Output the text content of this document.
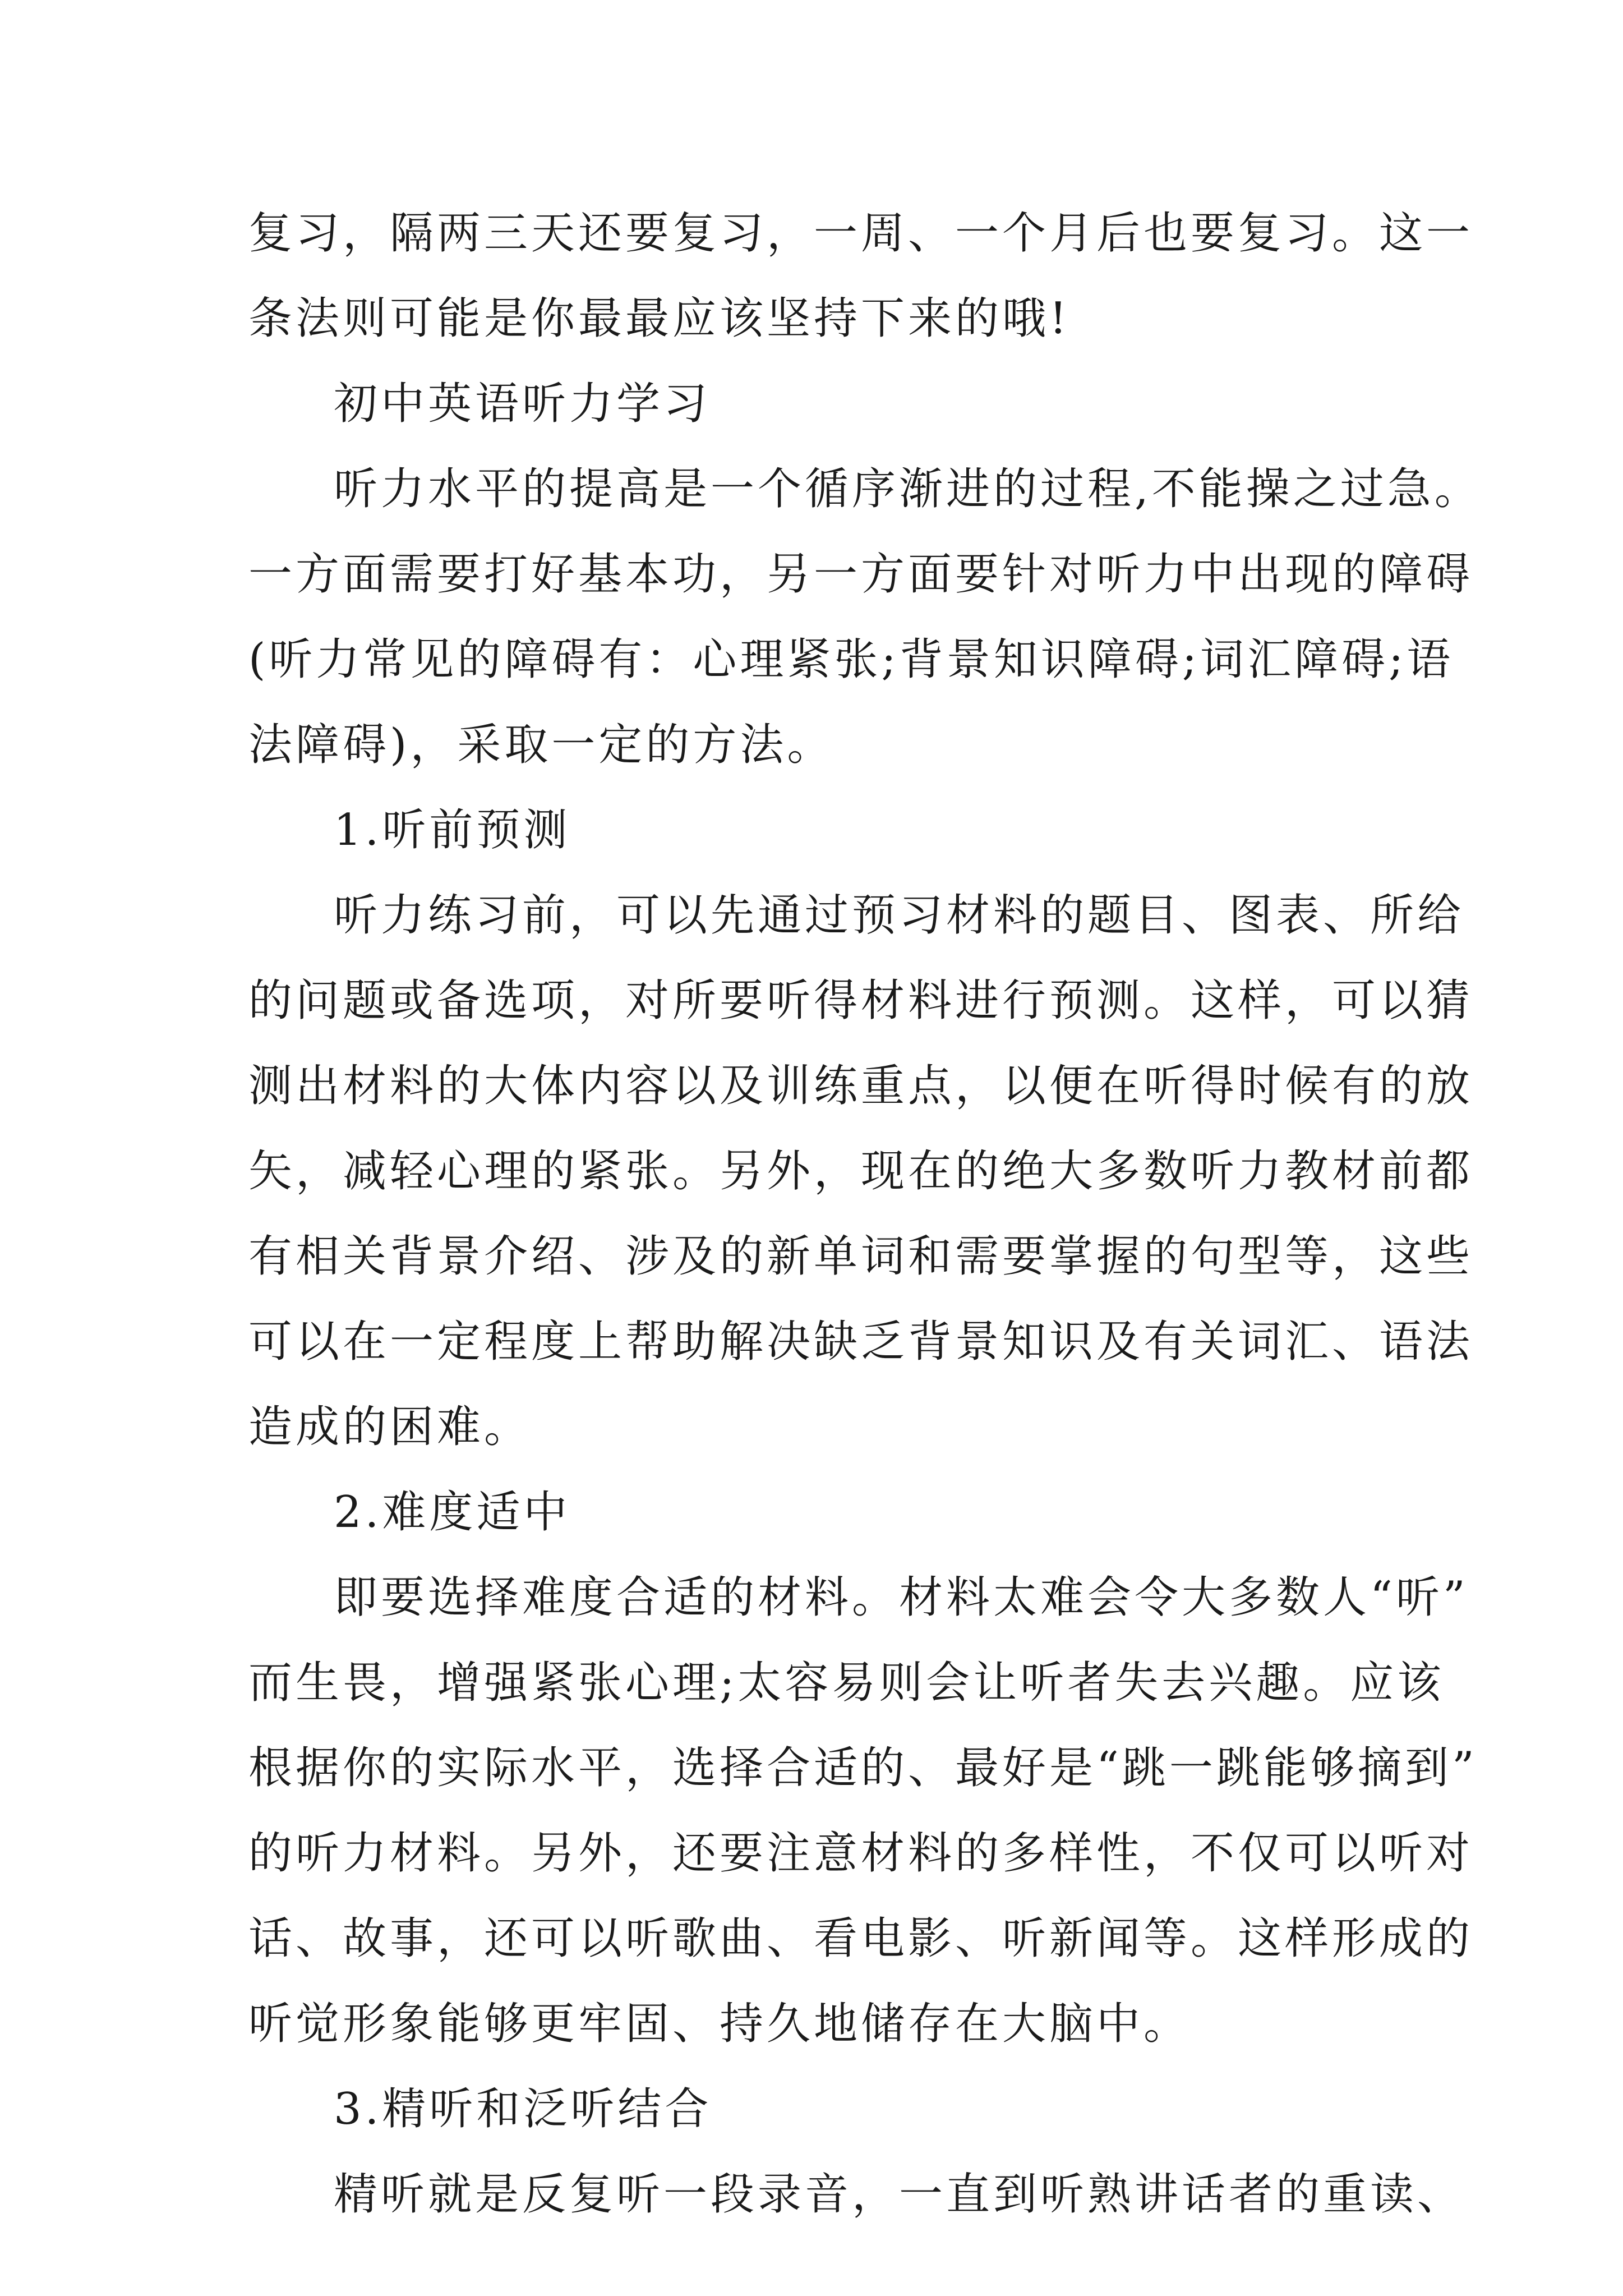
复习，隔两三天还要复习，一周、一个月后也要复习。这一
条法则可能是你最最应该坚持下来的哦!
初中英语听力学习
听力水平的提高是一个循序渐进的过程,不能操之过急。
一方面需要打好基本功，另一方面要针对听力中出现的障碍
(听力常见的障碍有：心理紧张;背景知识障碍;词汇障碍;语
法障碍)，采取一定的方法。
1.听前预测
听力练习前，可以先通过预习材料的题目、图表、所给
的问题或备选项，对所要听得材料进行预测。这样，可以猜
测出材料的大体内容以及训练重点，以便在听得时候有的放
矢，减轻心理的紧张。另外，现在的绝大多数听力教材前都
有相关背景介绍、涉及的新单词和需要掌握的句型等，这些
可以在一定程度上帮助解决缺乏背景知识及有关词汇、语法
造成的困难。
2.难度适中
即要选择难度合适的材料。材料太难会令大多数人“听”
而生畏，增强紧张心理;太容易则会让听者失去兴趣。应该
根据你的实际水平，选择合适的、最好是“跳一跳能够摘到”
的听力材料。另外，还要注意材料的多样性，不仅可以听对
话、故事，还可以听歌曲、看电影、听新闻等。这样形成的
听觉形象能够更牢固、持久地储存在大脑中。
3.精听和泛听结合
精听就是反复听一段录音，一直到听熟讲话者的重读、
